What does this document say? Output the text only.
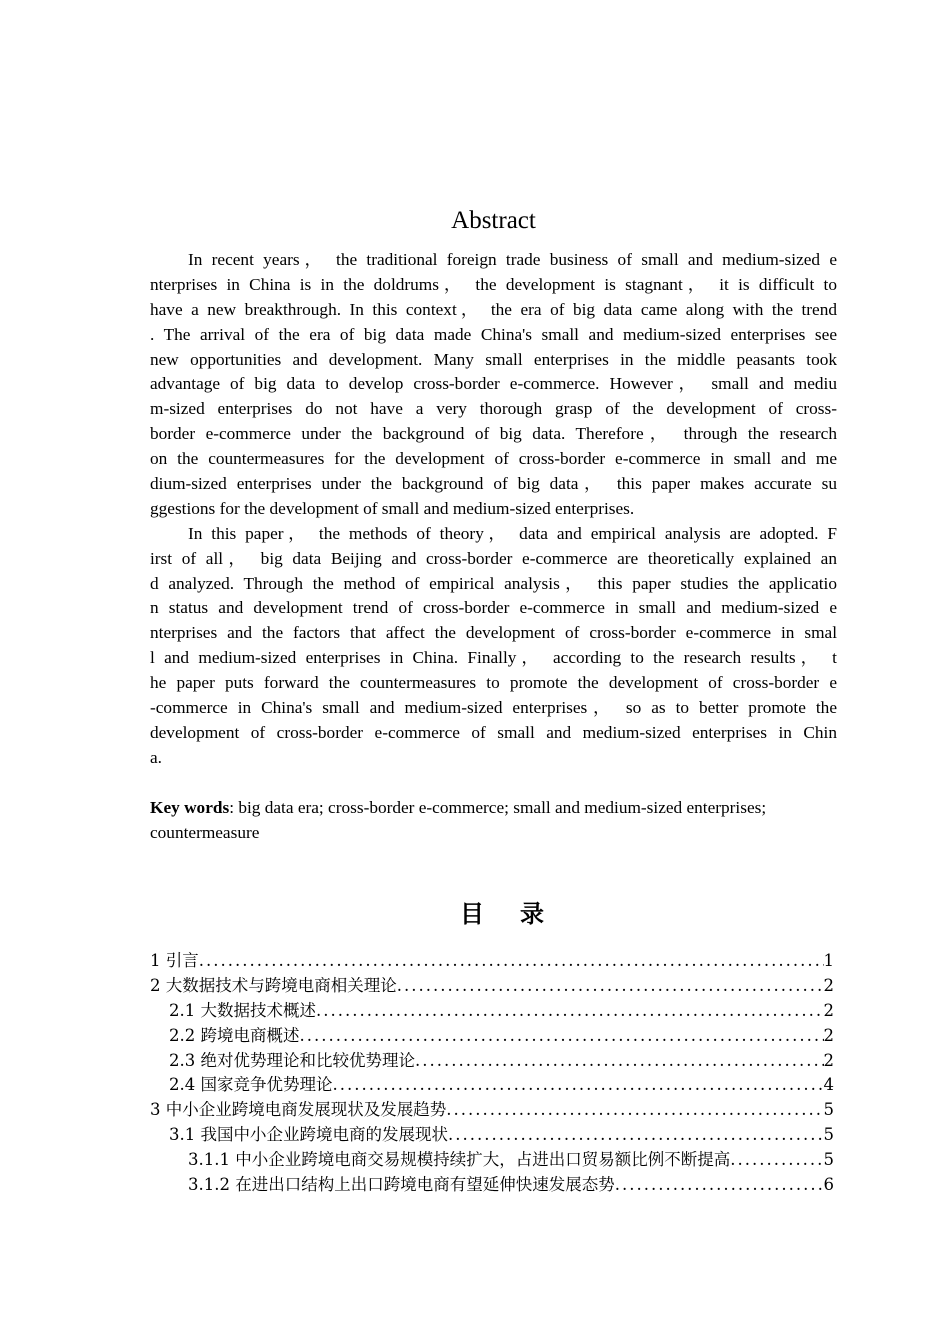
Abstract
In recent years， the traditional foreign trade business of small and medium-sized e
nterprises in China is in the doldrums， the development is stagnant， it is difficult to
have a new breakthrough. In this context， the era of big data came along with the trend
. The arrival of the era of big data made China's small and medium-sized enterprises see
new opportunities and development. Many small enterprises in the middle peasants took
advantage of big data to develop cross-border e-commerce. However， small and mediu
m-sized enterprises do not have a very thorough grasp of the development of cross-
border e-commerce under the background of big data. Therefore， through the research
on the countermeasures for the development of cross-border e-commerce in small and me
dium-sized enterprises under the background of big data， this paper makes accurate su
ggestions for the development of small and medium-sized enterprises.
In this paper， the methods of theory， data and empirical analysis are adopted. F
irst of all， big data Beijing and cross-border e-commerce are theoretically explained an
d analyzed. Through the method of empirical analysis， this paper studies the applicatio
n status and development trend of cross-border e-commerce in small and medium-sized e
nterprises and the factors that affect the development of cross-border e-commerce in smal
l and medium-sized enterprises in China. Finally， according to the research results， t
he paper puts forward the countermeasures to promote the development of cross-border e
-commerce in China's small and medium-sized enterprises， so as to better promote the
development of cross-border e-commerce of small and medium-sized enterprises in Chin
a.
Key words: big data era; cross-border e-commerce; small and medium-sized enterprises;
countermeasure
目录
1 引言 .....	1
2 大数据技术与跨境电商相关理论 .....	2
2.1 大数据技术概述 .....	2
2.2 跨境电商概述 .....	2
2.3 绝对优势理论和比较优势理论 .....	2
2.4 国家竞争优势理论 .....	4
3 中小企业跨境电商发展现状及发展趋势 .....	5
3.1 我国中小企业跨境电商的发展现状 .....	5
3.1.1 中小企业跨境电商交易规模持续扩大，占进出口贸易额比例不断提高 .....	5
3.1.2 在进出口结构上出口跨境电商有望延伸快速发展态势 .....	6
